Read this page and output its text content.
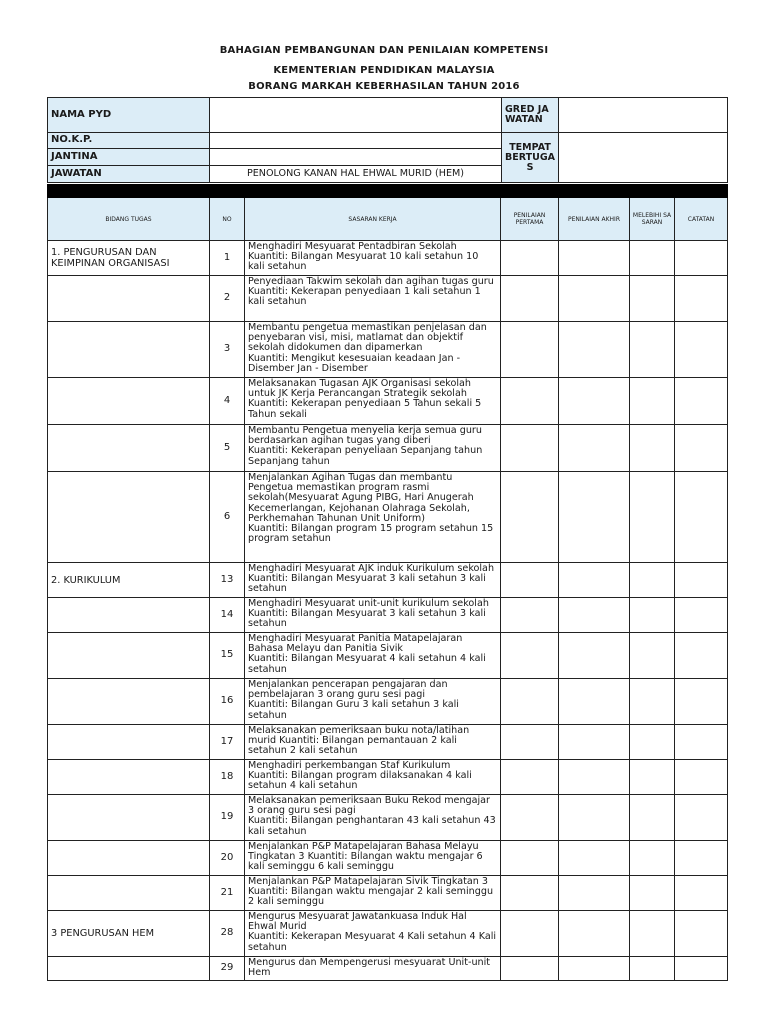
BAHAGIAN PEMBANGUNAN DAN PENILAIAN KOMPETENSI
KEMENTERIAN PENDIDIKAN MALAYSIA
BORANG MARKAH KEBERHASILAN TAHUN 2016
NAMA PYD		GRED JAWATAN	
NO.K.P.		TEMPAT BERTUGAS	
JANTINA			
JAWATAN	PENOLONG KANAN HAL EHWAL MURID (HEM)		

BIDANG TUGAS	NO	SASARAN KERJA	PENILAIAN PERTAMA	PENILAIAN AKHIR	MELEBIHI SASARAN	CATATAN
1. PENGURUSAN DAN KEIMPINAN ORGANISASI	1	Menghadiri Mesyuarat Pentadbiran Sekolah
Kuantiti: Bilangan Mesyuarat 10 kali setahun 10 kali setahun				
	2	Penyediaan Takwim sekolah dan agihan tugas guru
Kuantiti: Kekerapan penyediaan 1 kali setahun 1 kali setahun				
	3	Membantu pengetua memastikan penjelasan dan penyebaran visi, misi, matlamat dan objektif sekolah didokumen dan dipamerkan
Kuantiti: Mengikut kesesuaian keadaan Jan - Disember Jan - Disember				
	4	Melaksanakan Tugasan AJK Organisasi sekolah untuk JK Kerja Perancangan Strategik sekolah
Kuantiti: Kekerapan penyediaan 5 Tahun sekali 5 Tahun sekali				
	5	Membantu Pengetua menyelia kerja semua guru berdasarkan agihan tugas yang diberi
Kuantiti: Kekerapan penyeliaan Sepanjang tahun Sepanjang tahun				
	6	Menjalankan Agihan Tugas dan membantu Pengetua memastikan program rasmi sekolah(Mesyuarat Agung PIBG, Hari Anugerah Kecemerlangan, Kejohanan Olahraga Sekolah, Perkhemahan Tahunan Unit Uniform)
Kuantiti: Bilangan program 15 program setahun 15 program setahun				
2. KURIKULUM	13	Menghadiri Mesyuarat AJK induk Kurikulum sekolah Kuantiti: Bilangan Mesyuarat 3 kali setahun 3 kali setahun				
	14	Menghadiri Mesyuarat unit-unit kurikulum sekolah Kuantiti: Bilangan Mesyuarat 3 kali setahun 3 kali setahun				
	15	Menghadiri Mesyuarat Panitia Matapelajaran Bahasa Melayu dan Panitia Sivik
Kuantiti: Bilangan Mesyuarat 4 kali setahun 4 kali setahun				
	16	Menjalankan pencerapan pengajaran dan pembelajaran 3 orang guru sesi pagi
Kuantiti: Bilangan Guru 3 kali setahun 3 kali setahun				
	17	Melaksanakan pemeriksaan buku nota/latihan murid Kuantiti: Bilangan pemantauan 2 kali setahun 2 kali setahun				
	18	Menghadiri perkembangan Staf Kurikulum
Kuantiti: Bilangan program dilaksanakan 4 kali setahun 4 kali setahun				
	19	Melaksanakan pemeriksaan Buku Rekod mengajar 3 orang guru sesi pagi
Kuantiti: Bilangan penghantaran 43 kali setahun 43 kali setahun				
	20	Menjalankan P&P Matapelajaran Bahasa Melayu Tingkatan 3 Kuantiti: Bilangan waktu mengajar 6 kali seminggu 6 kali seminggu				
	21	Menjalankan P&P Matapelajaran Sivik Tingkatan 3 Kuantiti: Bilangan waktu mengajar 2 kali seminggu 2 kali seminggu				
3 PENGURUSAN HEM	28	Mengurus Mesyuarat Jawatankuasa Induk Hal Ehwal Murid
Kuantiti: Kekerapan Mesyuarat 4 Kali setahun 4 Kali setahun				
	29	Mengurus dan Mempengerusi mesyuarat Unit-unit Hem				
